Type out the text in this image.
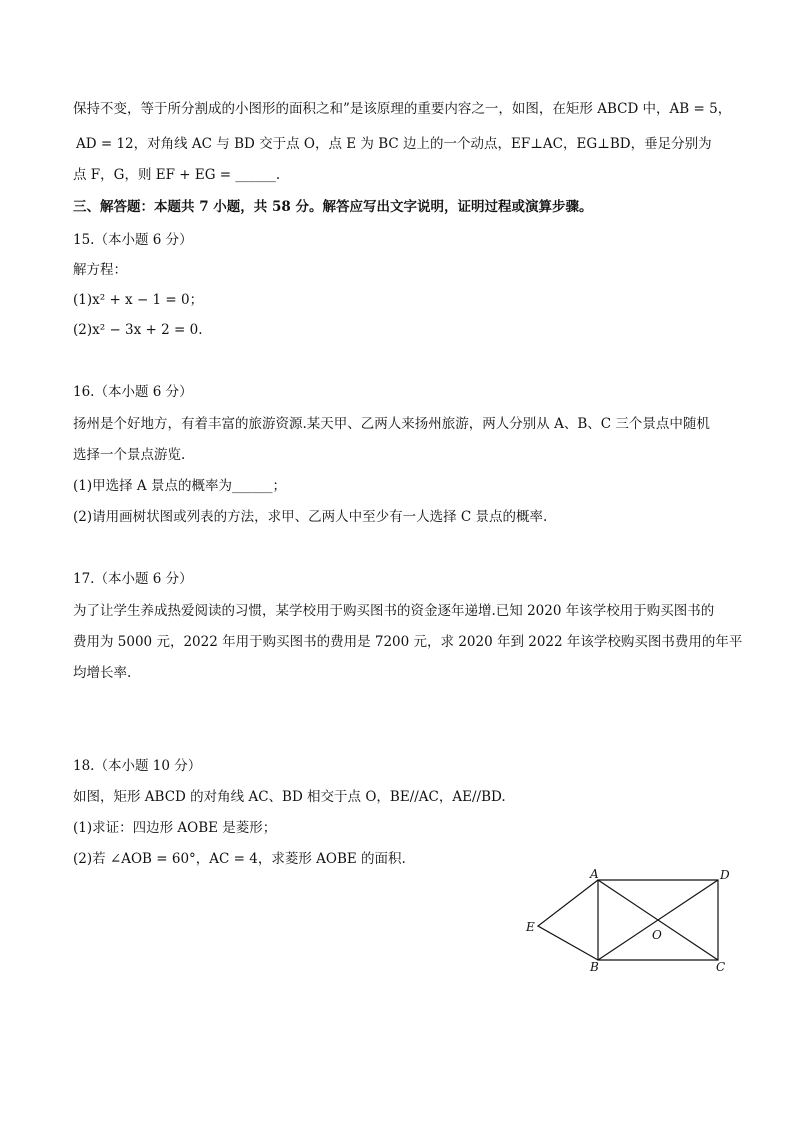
保持不变，等于所分割成的小图形的面积之和”是该原理的重要内容之一，如图，在矩形 ABCD 中，AB = 5，
AD = 12，对角线 AC 与 BD 交于点 O，点 E 为 BC 边上的一个动点，EF⊥AC，EG⊥BD，垂足分别为
点 F，G，则 EF + EG = ______.
三、解答题：本题共 7 小题，共 58 分。解答应写出文字说明，证明过程或演算步骤。
15.（本小题 6 分）
解方程：
(1)x² + x − 1 = 0；
(2)x² − 3x + 2 = 0.
16.（本小题 6 分）
扬州是个好地方，有着丰富的旅游资源.某天甲、乙两人来扬州旅游，两人分别从 A、B、C 三个景点中随机
选择一个景点游览.
(1)甲选择 A 景点的概率为______；
(2)请用画树状图或列表的方法，求甲、乙两人中至少有一人选择 C 景点的概率.
17.（本小题 6 分）
为了让学生养成热爱阅读的习惯，某学校用于购买图书的资金逐年递增.已知 2020 年该学校用于购买图书的
费用为 5000 元，2022 年用于购买图书的费用是 7200 元，求 2020 年到 2022 年该学校购买图书费用的年平
均增长率.
18.（本小题 10 分）
如图，矩形 ABCD 的对角线 AC、BD 相交于点 O，BE//AC，AE//BD.
(1)求证：四边形 AOBE 是菱形；
(2)若 ∠AOB = 60°，AC = 4，求菱形 AOBE 的面积.
A	D
E
O
B	C
